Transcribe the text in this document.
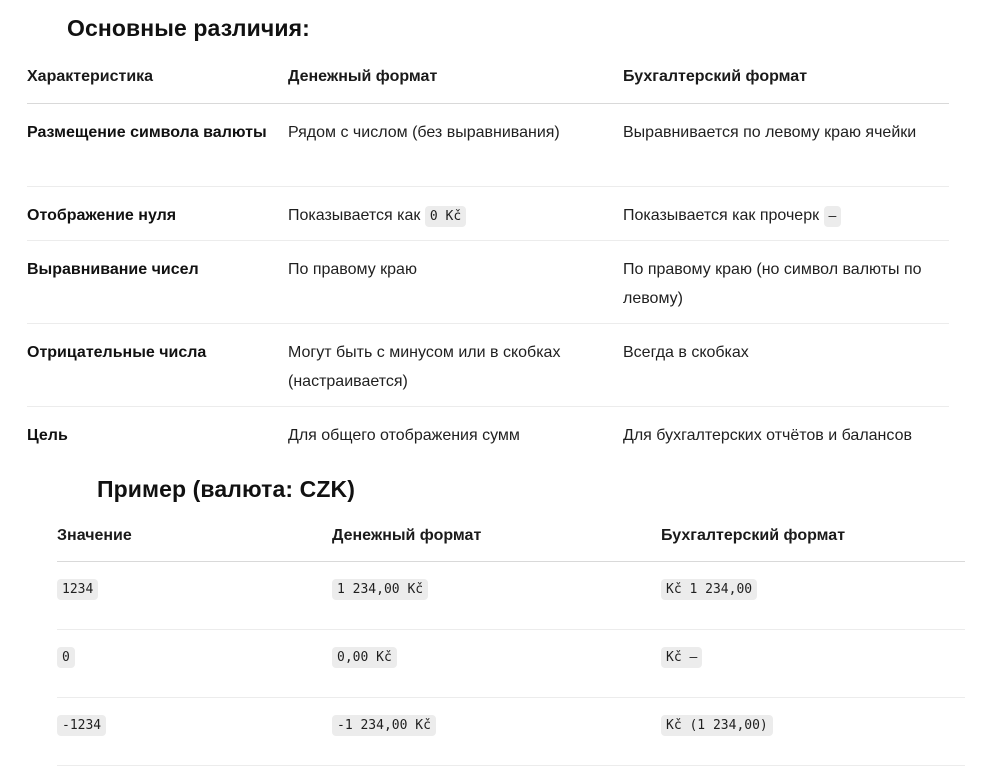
Основные различия:
Характеристика	Денежный формат	Бухгалтерский формат
Размещение символа валюты	Рядом с числом (без выравнивания)	Выравнивается по левому краю ячейки
Отображение нуля	Показывается как 0 Kč	Показывается как прочерк –
Выравнивание чисел	По правому краю	По правому краю (но символ валюты по левому)
Отрицательные числа	Могут быть с минусом или в скобках (настраивается)	Всегда в скобках
Цель	Для общего отображения сумм	Для бухгалтерских отчётов и балансов
Пример (валюта: CZK)
Значение	Денежный формат	Бухгалтерский формат
1234	1 234,00 Kč	Kč 1 234,00
0	0,00 Kč	Kč –
-1234	-1 234,00 Kč	Kč (1 234,00)
